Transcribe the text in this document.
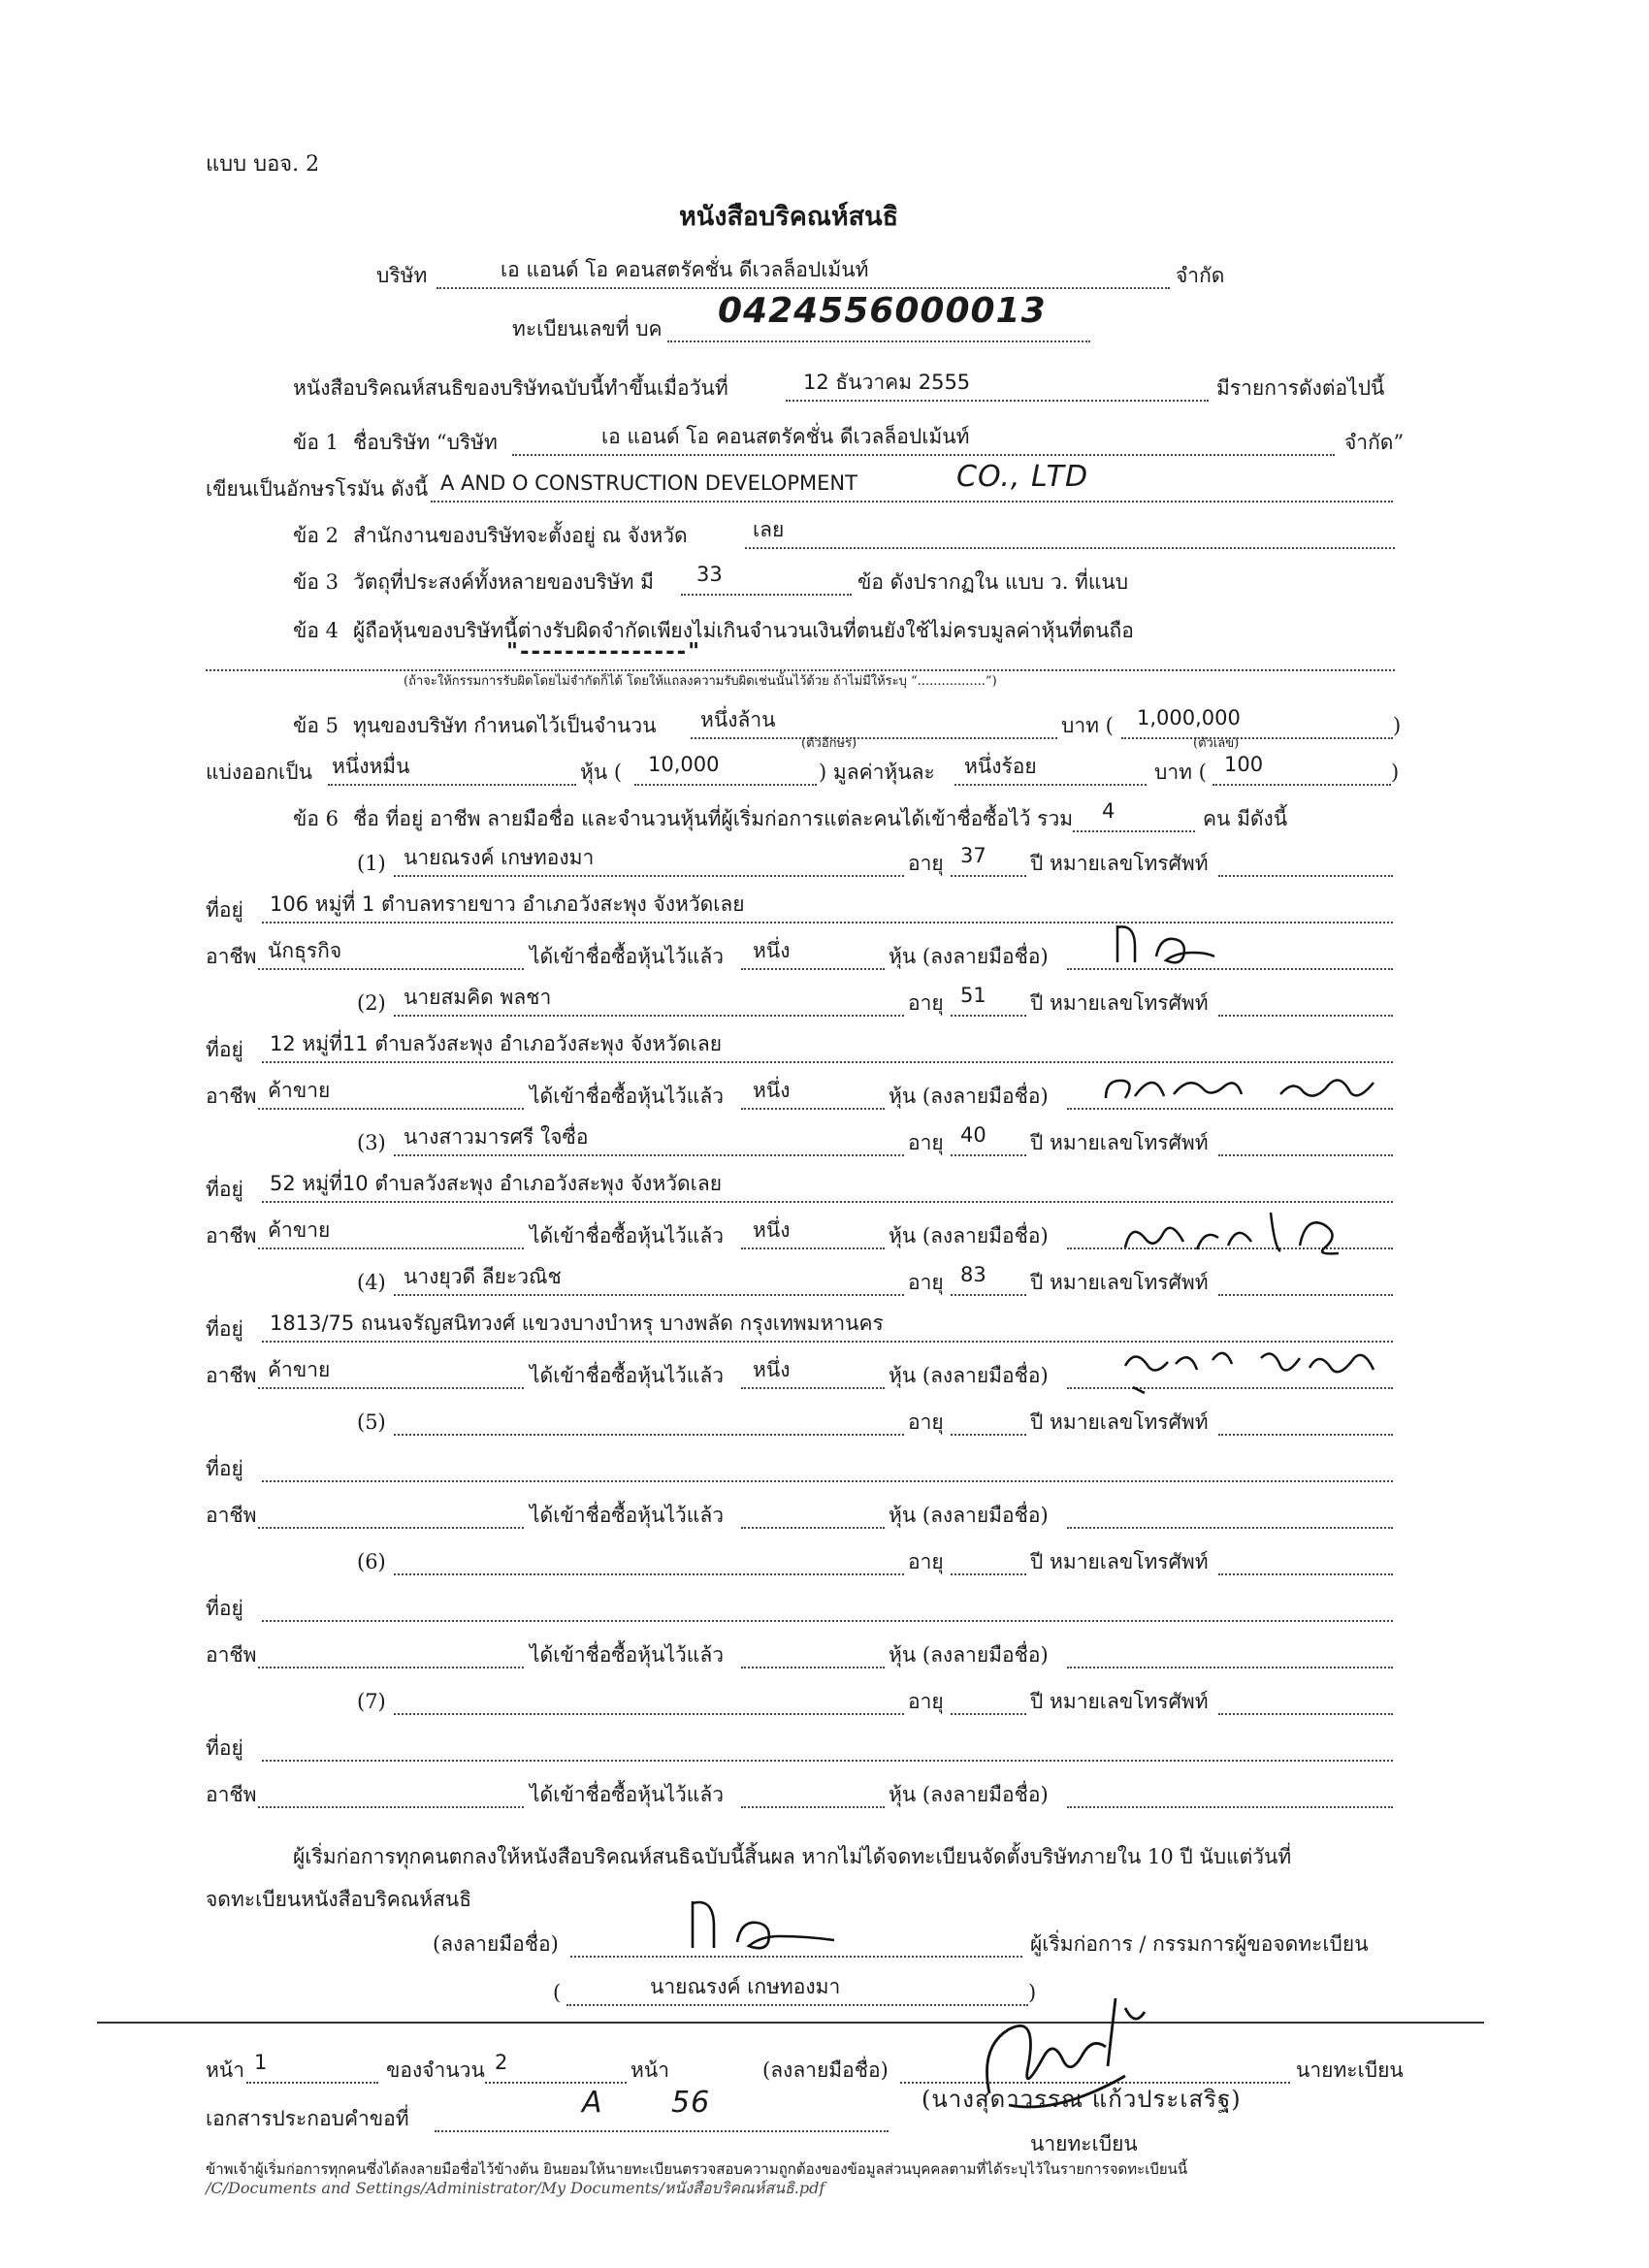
แบบ บอจ. 2
หนังสือบริคณห์สนธิ
บริษัท	เอ แอนด์ โอ คอนสตรัคชั่น ดีเวลล็อปเม้นท์	จำกัด
ทะเบียนเลขที่ บค 0424556000013
หนังสือบริคณห์สนธิของบริษัทฉบับนี้ทำขึ้นเมื่อวันที่	12 ธันวาคม 2555	มีรายการดังต่อไปนี้
ข้อ 1 ชื่อบริษัท “บริษัท	เอ แอนด์ โอ คอนสตรัคชั่น ดีเวลล็อปเม้นท์	จำกัด”
เขียนเป็นอักษรโรมัน ดังนี้ A AND O CONSTRUCTION DEVELOPMENT	CO., LTD
ข้อ 2 สำนักงานของบริษัทจะตั้งอยู่ ณ จังหวัด	เลย
ข้อ 3 วัตถุที่ประสงค์ทั้งหลายของบริษัท มี 33	ข้อ ดังปรากฏใน แบบ ว. ที่แนบ
ข้อ 4 ผู้ถือหุ้นของบริษัทนี้ต่างรับผิดจำกัดเพียงไม่เกินจำนวนเงินที่ตนยังใช้ไม่ครบมูลค่าหุ้นที่ตนถือ
"---------------"
(ถ้าจะให้กรรมการรับผิดโดยไม่จำกัดก็ได้ โดยให้แถลงความรับผิดเช่นนั้นไว้ด้วย ถ้าไม่มีให้ระบุ “.................”)
ข้อ 5 ทุนของบริษัท กำหนดไว้เป็นจำนวน หนึ่งล้าน	บาท ( 1,000,000	)
(ตัวอักษร)	(ตัวเลข)
แบ่งออกเป็น หนึ่งหมื่น	หุ้น ( 10,000	) มูลค่าหุ้นละ หนึ่งร้อย	บาท ( 100	)
ข้อ 6 ชื่อ ที่อยู่ อาชีพ ลายมือชื่อ และจำนวนหุ้นที่ผู้เริ่มก่อการแต่ละคนได้เข้าชื่อซื้อไว้ รวม 4	คน มีดังนี้
(1) นายณรงค์ เกษทองมา	อายุ 37 ปี หมายเลขโทรศัพท์
ที่อยู่ 106 หมู่ที่ 1 ตำบลทรายขาว อำเภอวังสะพุง จังหวัดเลย
อาชีพ นักธุรกิจ	ได้เข้าชื่อซื้อหุ้นไว้แล้ว หนึ่ง	หุ้น (ลงลายมือชื่อ)
(2) นายสมคิด พลชา	อายุ 51 ปี หมายเลขโทรศัพท์
ที่อยู่ 12 หมู่ที่11 ตำบลวังสะพุง อำเภอวังสะพุง จังหวัดเลย
อาชีพ ค้าขาย	ได้เข้าชื่อซื้อหุ้นไว้แล้ว หนึ่ง	หุ้น (ลงลายมือชื่อ)
(3) นางสาวมารศรี ใจซื่อ	อายุ 40 ปี หมายเลขโทรศัพท์
ที่อยู่ 52 หมู่ที่10 ตำบลวังสะพุง อำเภอวังสะพุง จังหวัดเลย
อาชีพ ค้าขาย	ได้เข้าชื่อซื้อหุ้นไว้แล้ว หนึ่ง	หุ้น (ลงลายมือชื่อ)
(4) นางยุวดี ลียะวณิช	อายุ 83 ปี หมายเลขโทรศัพท์
ที่อยู่ 1813/75 ถนนจรัญสนิทวงศ์ แขวงบางบำหรุ บางพลัด กรุงเทพมหานคร
อาชีพ ค้าขาย	ได้เข้าชื่อซื้อหุ้นไว้แล้ว หนึ่ง	หุ้น (ลงลายมือชื่อ)
(5)	อายุ	ปี หมายเลขโทรศัพท์
ที่อยู่
อาชีพ	ได้เข้าชื่อซื้อหุ้นไว้แล้ว	หุ้น (ลงลายมือชื่อ)
(6)	อายุ	ปี หมายเลขโทรศัพท์
ที่อยู่
อาชีพ	ได้เข้าชื่อซื้อหุ้นไว้แล้ว	หุ้น (ลงลายมือชื่อ)
(7)	อายุ	ปี หมายเลขโทรศัพท์
ที่อยู่
อาชีพ	ได้เข้าชื่อซื้อหุ้นไว้แล้ว	หุ้น (ลงลายมือชื่อ)
ผู้เริ่มก่อการทุกคนตกลงให้หนังสือบริคณห์สนธิฉบับนี้สิ้นผล หากไม่ได้จดทะเบียนจัดตั้งบริษัทภายใน 10 ปี นับแต่วันที่
จดทะเบียนหนังสือบริคณห์สนธิ
(ลงลายมือชื่อ)	ผู้เริ่มก่อการ / กรรมการผู้ขอจดทะเบียน
(	นายณรงค์ เกษทองมา	)
หน้า 1	ของจำนวน 2	หน้า	(ลงลายมือชื่อ)	นายทะเบียน
เอกสารประกอบคำขอที่	A 56	(นางสุดาวรรณ แก้วประเสริฐ)
นายทะเบียน
ข้าพเจ้าผู้เริ่มก่อการทุกคนซึ่งได้ลงลายมือชื่อไว้ข้างต้น ยินยอมให้นายทะเบียนตรวจสอบความถูกต้องของข้อมูลส่วนบุคคลตามที่ได้ระบุไว้ในรายการจดทะเบียนนี้
/C/Documents and Settings/Administrator/My Documents/หนังสือบริคณห์สนธิ.pdf
